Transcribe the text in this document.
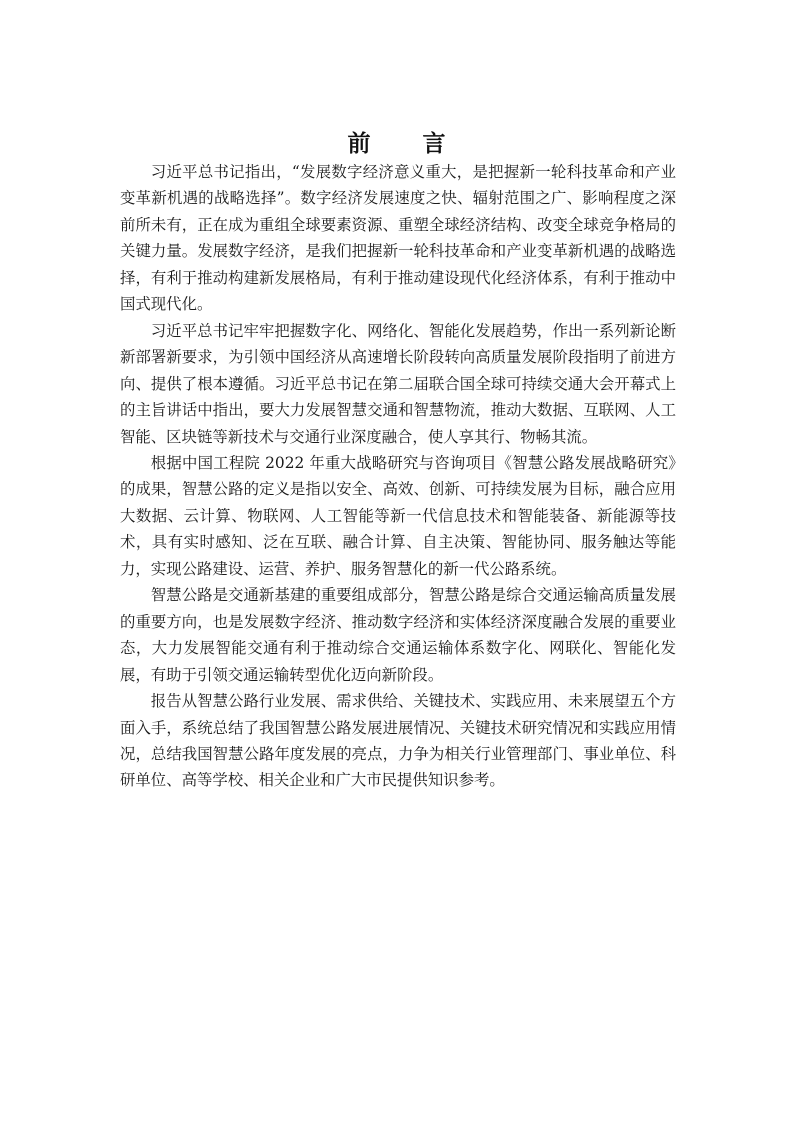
前 言

习近平总书记指出，“发展数字经济意义重大，是把握新一轮科技革命和产业变革新机遇的战略选择”。数字经济发展速度之快、辐射范围之广、影响程度之深前所未有，正在成为重组全球要素资源、重塑全球经济结构、改变全球竞争格局的关键力量。发展数字经济，是我们把握新一轮科技革命和产业变革新机遇的战略选择，有利于推动构建新发展格局，有利于推动建设现代化经济体系，有利于推动中国式现代化。

习近平总书记牢牢把握数字化、网络化、智能化发展趋势，作出一系列新论断新部署新要求，为引领中国经济从高速增长阶段转向高质量发展阶段指明了前进方向、提供了根本遵循。习近平总书记在第二届联合国全球可持续交通大会开幕式上的主旨讲话中指出，要大力发展智慧交通和智慧物流，推动大数据、互联网、人工智能、区块链等新技术与交通行业深度融合，使人享其行、物畅其流。

根据中国工程院 2022 年重大战略研究与咨询项目《智慧公路发展战略研究》的成果，智慧公路的定义是指以安全、高效、创新、可持续发展为目标，融合应用大数据、云计算、物联网、人工智能等新一代信息技术和智能装备、新能源等技术，具有实时感知、泛在互联、融合计算、自主决策、智能协同、服务触达等能力，实现公路建设、运营、养护、服务智慧化的新一代公路系统。

智慧公路是交通新基建的重要组成部分，智慧公路是综合交通运输高质量发展的重要方向，也是发展数字经济、推动数字经济和实体经济深度融合发展的重要业态，大力发展智能交通有利于推动综合交通运输体系数字化、网联化、智能化发展，有助于引领交通运输转型优化迈向新阶段。

报告从智慧公路行业发展、需求供给、关键技术、实践应用、未来展望五个方面入手，系统总结了我国智慧公路发展进展情况、关键技术研究情况和实践应用情况，总结我国智慧公路年度发展的亮点，力争为相关行业管理部门、事业单位、科研单位、高等学校、相关企业和广大市民提供知识参考。
